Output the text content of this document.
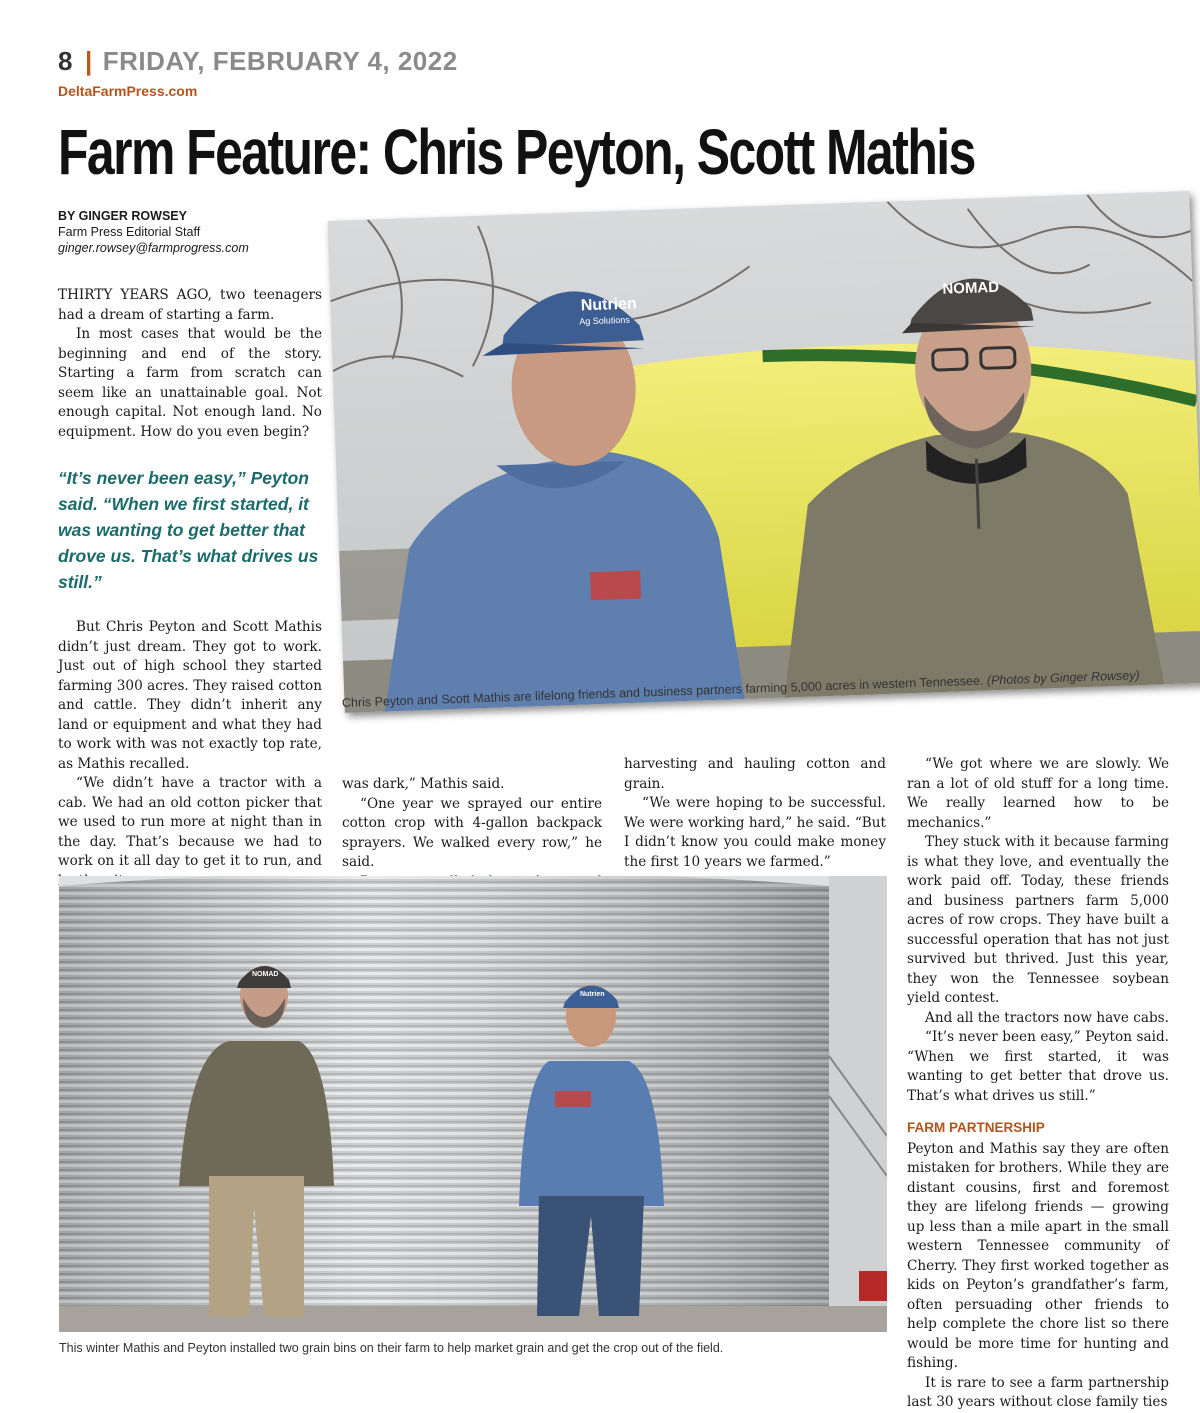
8 | FRIDAY, FEBRUARY 4, 2022
DeltaFarmPress.com
Farm Feature: Chris Peyton, Scott Mathis
BY GINGER ROWSEY
Farm Press Editorial Staff
ginger.rowsey@farmprogress.com

THIRTY YEARS AGO, two teenagers had a dream of starting a farm.

In most cases that would be the beginning and end of the story. Starting a farm from scratch can seem like an unattainable goal. Not enough capital. Not enough land. No equipment. How do you even begin?

“It’s never been easy,” Peyton said. “When we first started, it was wanting to get better that drove us. That’s what drives us still.”

But Chris Peyton and Scott Mathis didn’t just dream. They got to work. Just out of high school they started farming 300 acres. They raised cotton and cattle. They didn’t inherit any land or equipment and what they had to work with was not exactly top rate, as Mathis recalled.

“We didn’t have a tractor with a cab. We had an old cotton picker that we used to run more at night than in the day. That’s because we had to work on it all day to get it to run, and

was dark,” Mathis said.

“One year we sprayed our entire cotton crop with 4-gallon backpack sprayers. We walked every row,” he said.

harvesting and hauling cotton and grain.

“We were hoping to be successful. We were working hard,” he said. “But I didn’t know you could make money the first 10 years we farmed.”

“We got where we are slowly. We ran a lot of old stuff for a long time. We really learned how to be mechanics.”

They stuck with it because farming is what they love, and eventually the work paid off. Today, these friends and business partners farm 5,000 acres of row crops. They have built a successful operation that has not just survived but thrived. Just this year, they won the Tennessee soybean yield contest.

And all the tractors now have cabs.

“It’s never been easy,” Peyton said. “When we first started, it was wanting to get better that drove us. That’s what drives us still.”

FARM PARTNERSHIP

Peyton and Mathis say they are often mistaken for brothers. While they are distant cousins, first and foremost they are lifelong friends — growing up less than a mile apart in the small western Tennessee community of Cherry. They first worked together as kids on Peyton’s grandfather’s farm, often persuading other friends to help complete the chore list so there would be more time for hunting and fishing.

It is rare to see a farm partnership last 30 years without close family ties

Nutrien
Ag Solutions
NOMAD
Chris Peyton and Scott Mathis are lifelong friends and business partners farming 5,000 acres in western Tennessee. (Photos by Ginger Rowsey)
NOMAD
Nutrien
This winter Mathis and Peyton installed two grain bins on their farm to help market grain and get the crop out of the field.
